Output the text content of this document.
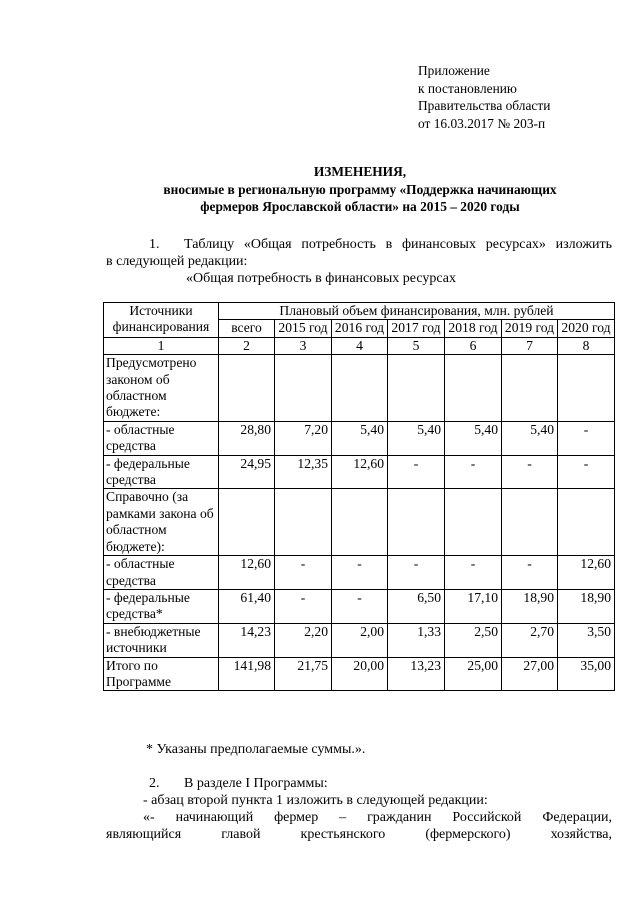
Приложение
к постановлению
Правительства области
от 16.03.2017 № 203-п
ИЗМЕНЕНИЯ,
вносимые в региональную программу «Поддержка начинающих
фермеров Ярославской области» на 2015 – 2020 годы
1. Таблицу «Общая потребность в финансовых ресурсах» изложить
в следующей редакции:
«Общая потребность в финансовых ресурсах
Источники финансирования	Плановый объем финансирования, млн. рублей						
	всего	2015 год	2016 год	2017 год	2018 год	2019 год	2020 год
1	2	3	4	5	6	7	8
Предусмотрено законом об областном бюджете:							
- областные средства	28,80	7,20	5,40	5,40	5,40	5,40	-
- федеральные средства	24,95	12,35	12,60	-	-	-	-
Справочно (за рамками закона об областном бюджете):							
- областные средства	12,60	-	-	-	-	-	12,60
- федеральные средства*	61,40	-	-	6,50	17,10	18,90	18,90
- внебюджетные источники	14,23	2,20	2,00	1,33	2,50	2,70	3,50
Итого по Программе	141,98	21,75	20,00	13,23	25,00	27,00	35,00
* Указаны предполагаемые суммы.».
2. В разделе I Программы:
- абзац второй пункта 1 изложить в следующей редакции:
«- начинающий фермер – гражданин Российской Федерации,
являющийся	главой	крестьянского	(фермерского)	хозяйства,
